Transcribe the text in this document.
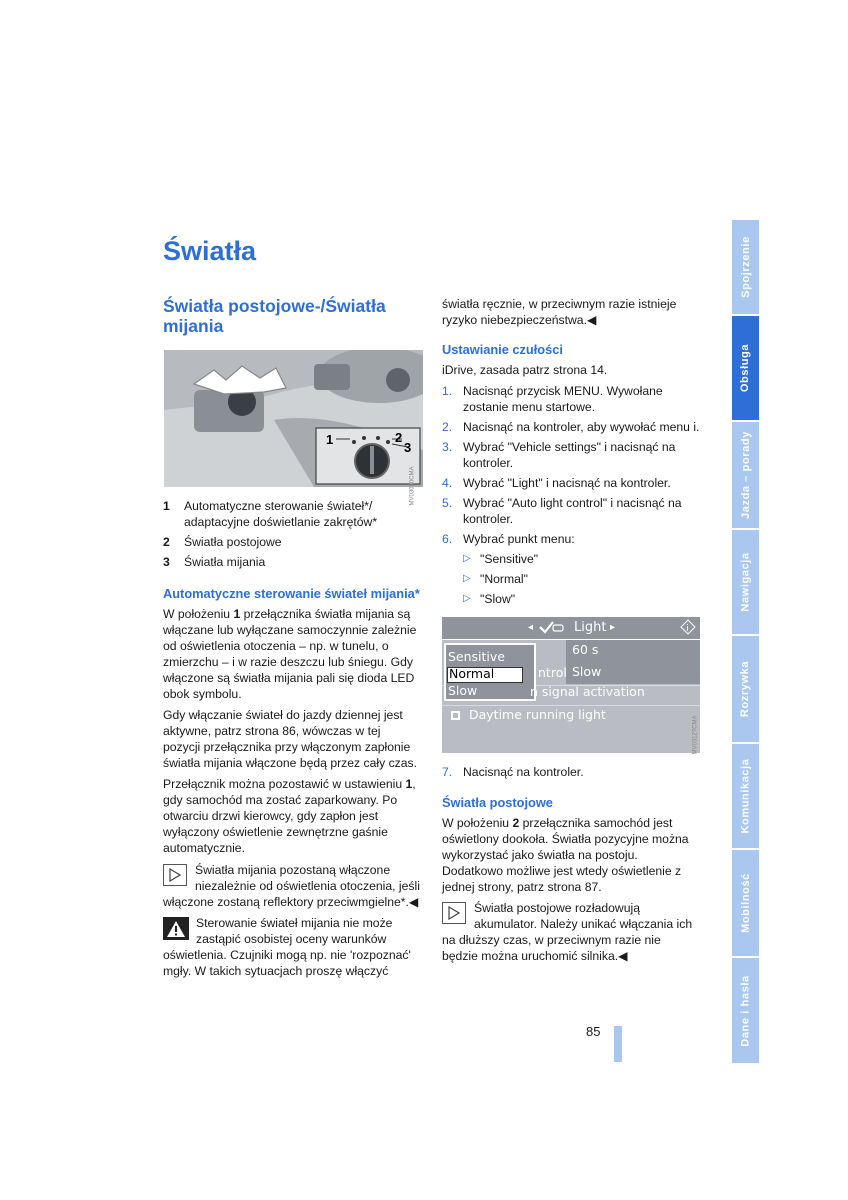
Światła
Światła postojowe-/Światła mijania
1	2
3
MV03090CMA
1	Automatyczne sterowanie świateł*/ adaptacyjne doświetlanie zakrętów*
2	Światła postojowe
3	Światła mijania
Automatyczne sterowanie świateł mijania*

W położeniu 1 przełącznika światła mijania są włączane lub wyłączane samoczynnie zależnie od oświetlenia otoczenia – np. w tunelu, o zmierzchu – i w razie deszczu lub śniegu. Gdy włączone są światła mijania pali się dioda LED obok symbolu.

Gdy włączanie świateł do jazdy dziennej jest aktywne, patrz strona 86, wówczas w tej pozycji przełącznika przy włączonym zapłonie światła mijania włączone będą przez cały czas.

Przełącznik można pozostawić w ustawieniu 1, gdy samochód ma zostać zaparkowany. Po otwarciu drzwi kierowcy, gdy zapłon jest wyłączony oświetlenie zewnętrzne gaśnie automatycznie.

Światła mijania pozostaną włączone niezależnie od oświetlenia otoczenia, jeśli włączone zostaną reflektory przeciwmgielne*.◀

Sterowanie świateł mijania nie może zastąpić osobistej oceny warunków oświetlenia. Czujniki mogą np. nie 'rozpoznać' mgły. W takich sytuacjach proszę włączyć

światła ręcznie, w przeciwnym razie istnieje ryzyko niebezpieczeństwa.◀

Ustawianie czułości

iDrive, zasada patrz strona 14.

1. Nacisnąć przycisk MENU. Wywołane zostanie menu startowe.
2. Nacisnąć na kontroler, aby wywołać menu i.
3. Wybrać "Vehicle settings" i nacisnąć na kontroler.
4. Wybrać "Light" i nacisnąć na kontroler.
5. Wybrać "Auto light control" i nacisnąć na kontroler.
6. Wybrać punkt menu:
▷ "Sensitive"
▷ "Normal"
▷ "Slow"
◂	Light ▸	i
60 s
Slow
Sensitive
Normal
Slow
ntrol
n signal activation
Daytime running light
MV03127CMA
7. Nacisnąć na kontroler.
Światła postojowe

W położeniu 2 przełącznika samochód jest oświetlony dookoła. Światła pozycyjne można wykorzystać jako światła na postoju. Dodatkowo możliwe jest wtedy oświetlenie z jednej strony, patrz strona 87.

Światła postojowe rozładowują akumulator. Należy unikać włączania ich na dłuższy czas, w przeciwnym razie nie będzie można uruchomić silnika.◀

85
Spojrzenie
Obsługa
Jazda – porady
Nawigacja
Rozrywka
Komunikacja
Mobilność
Dane i hasła
